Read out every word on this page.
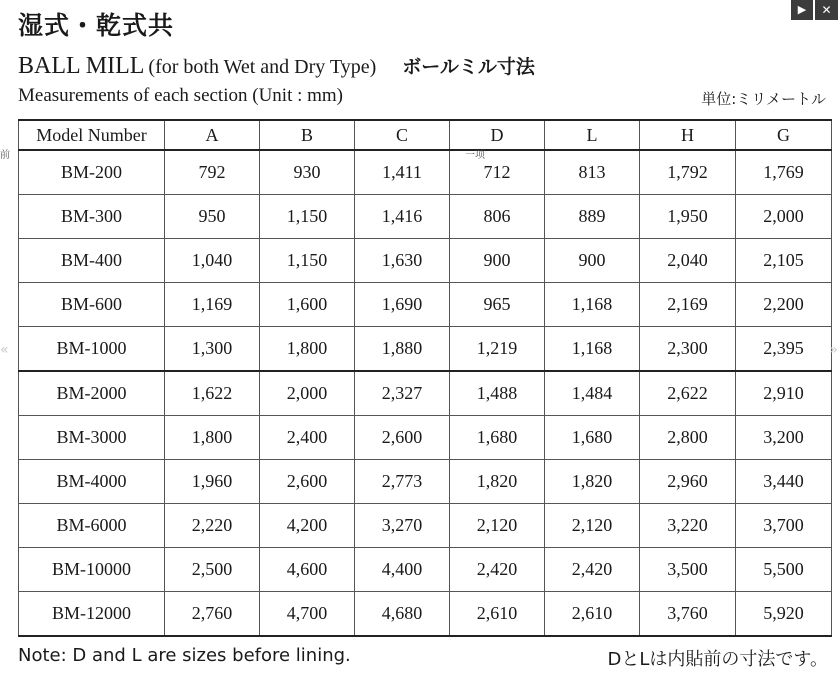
湿式・乾式共
BALL MILL (for both Wet and Dry Type) ボールミル寸法
Measurements of each section (Unit : mm)	単位:ミリメートル
Model Number	A	B	C	D	L	H	G
BM-200	792	930	1,411	712	813	1,792	1,769
BM-300	950	1,150	1,416	806	889	1,950	2,000
BM-400	1,040	1,150	1,630	900	900	2,040	2,105
BM-600	1,169	1,600	1,690	965	1,168	2,169	2,200
BM-1000	1,300	1,800	1,880	1,219	1,168	2,300	2,395
BM-2000	1,622	2,000	2,327	1,488	1,484	2,622	2,910
BM-3000	1,800	2,400	2,600	1,680	1,680	2,800	3,200
BM-4000	1,960	2,600	2,773	1,820	1,820	2,960	3,440
BM-6000	2,220	4,200	3,270	2,120	2,120	3,220	3,700
BM-10000	2,500	4,600	4,400	2,420	2,420	3,500	5,500
BM-12000	2,760	4,700	4,680	2,610	2,610	3,760	5,920
Note: D and L are sizes before lining.	DとLは内貼前の寸法です。
前	一项
▶	✕
«	»
